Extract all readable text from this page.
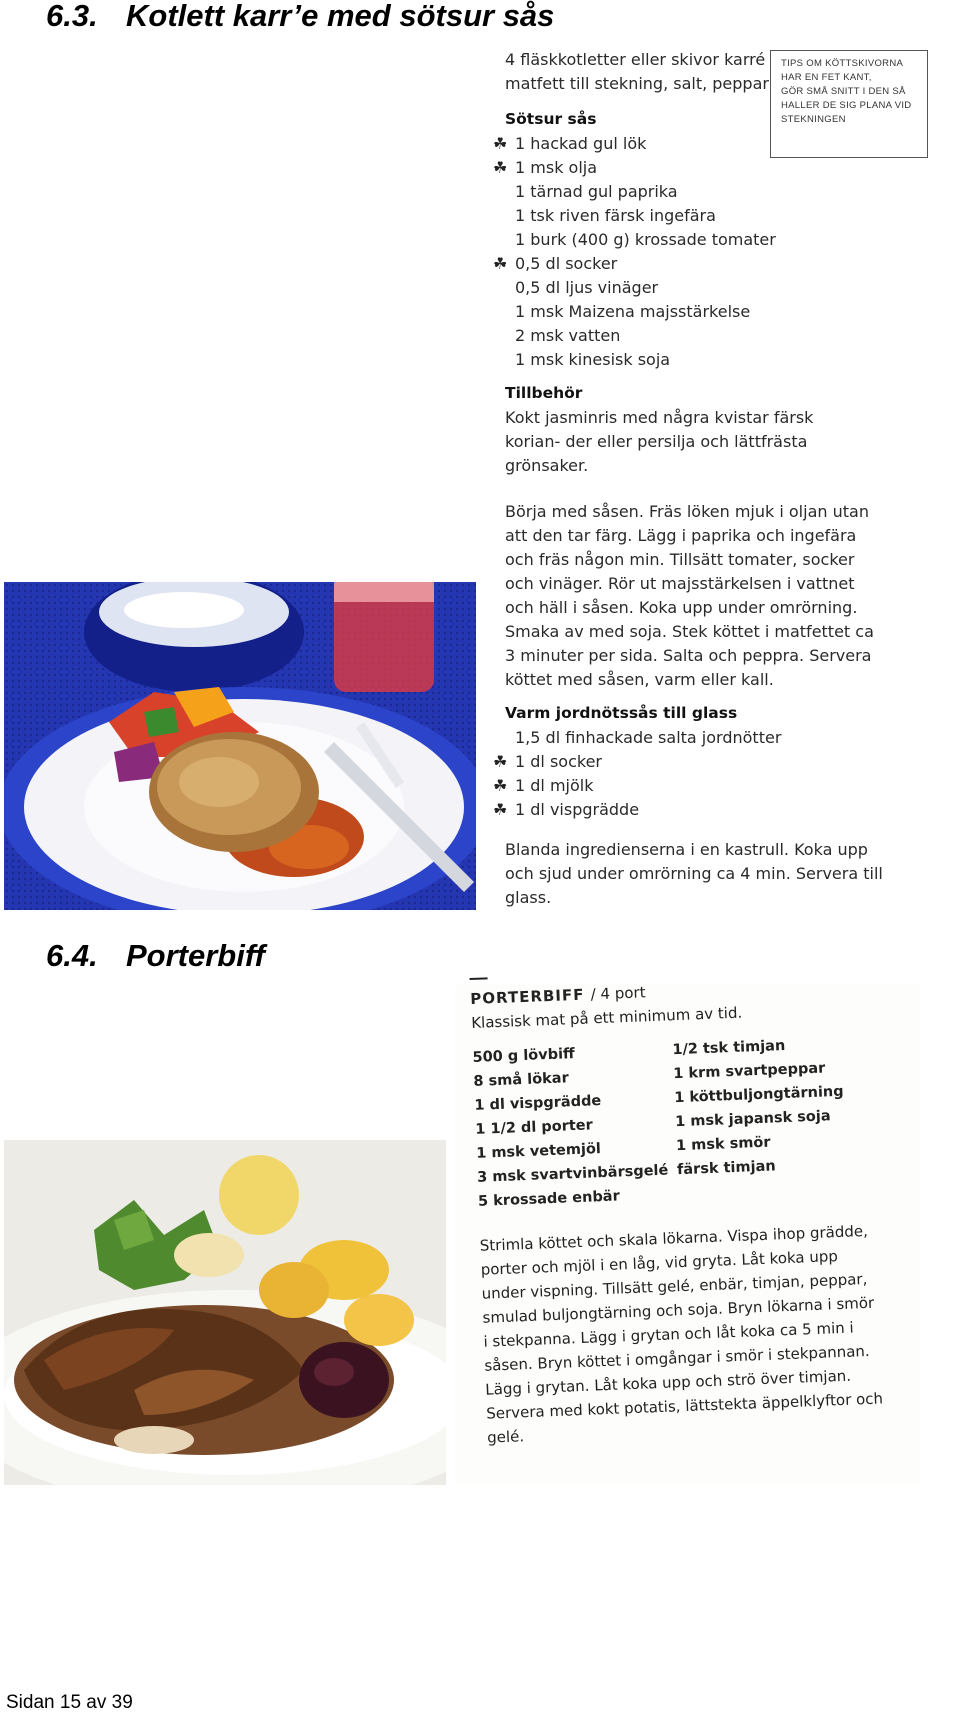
6.3. Kotlett karr’e med sötsur sås
4 fläskkotletter eller skivor karré
matfett till stekning, salt, peppar
Sötsur sås
☘ 1 hackad gul lök
☘ 1 msk olja
1 tärnad gul paprika
1 tsk riven färsk ingefära
1 burk (400 g) krossade tomater
☘ 0,5 dl socker
0,5 dl ljus vinäger
1 msk Maizena majsstärkelse
2 msk vatten
1 msk kinesisk soja
Tillbehör
Kokt jasminris med några kvistar färsk korian- der eller persilja och lättfrästa grönsaker.
Börja med såsen. Fräs löken mjuk i oljan utan att den tar färg. Lägg i paprika och ingefära och fräs någon min. Tillsätt tomater, socker och vinäger. Rör ut majsstärkelsen i vattnet och häll i såsen. Koka upp under omrörning. Smaka av med soja. Stek köttet i matfettet ca 3 minuter per sida. Salta och peppra. Servera köttet med såsen, varm eller kall.
Varm jordnötssås till glass
1,5 dl finhackade salta jordnötter
☘ 1 dl socker
☘ 1 dl mjölk
☘ 1 dl vispgrädde
Blanda ingredienserna i en kastrull. Koka upp och sjud under omrörning ca 4 min. Servera till glass.
TIPS OM KÖTTSKIVORNA
HAR EN FET KANT,
GÖR SMÅ SNITT I DEN SÅ
HALLER DE SIG PLANA VID
STEKNINGEN
6.4. Porterbiff
PORTERBIFF / 4 port
Klassisk mat på ett minimum av tid.
500 g lövbiff
8 små lökar
1 dl vispgrädde
1 1/2 dl porter
1 msk vetemjöl
3 msk svartvinbärsgelé
5 krossade enbär
1/2 tsk timjan
1 krm svartpeppar
1 köttbuljongtärning
1 msk japansk soja
1 msk smör
färsk timjan
Strimla köttet och skala lökarna. Vispa ihop grädde, porter och mjöl i en låg, vid gryta. Låt koka upp under vispning. Tillsätt gelé, enbär, timjan, peppar, smulad buljongtärning och soja. Bryn lökarna i smör i stekpanna. Lägg i grytan och låt koka ca 5 min i såsen. Bryn köttet i omgångar i smör i stekpannan. Lägg i grytan. Låt koka upp och strö över timjan. Servera med kokt potatis, lättstekta äppelklyftor och gelé.
Sidan 15 av 39
